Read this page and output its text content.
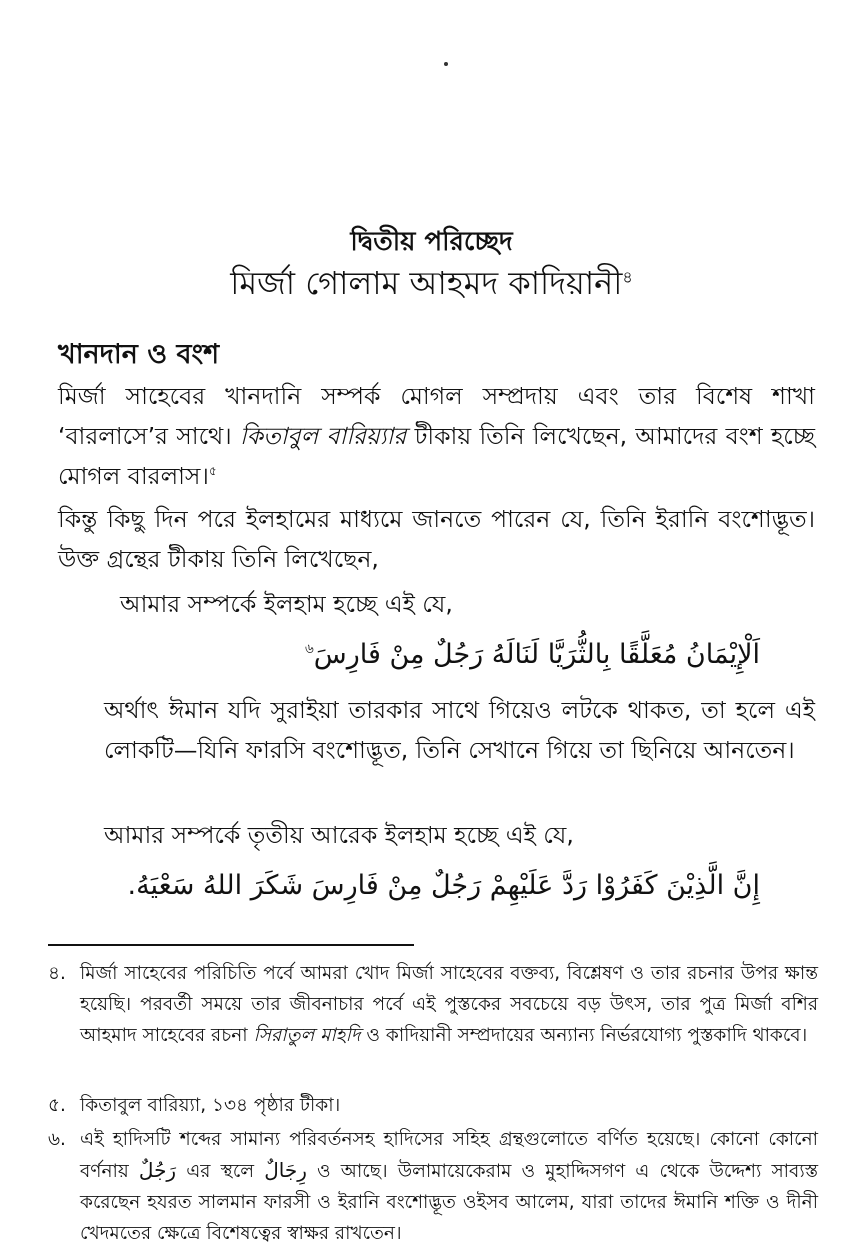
দ্বিতীয় পরিচ্ছেদ
মির্জা গোলাম আহমদ কাদিয়ানী$^৪$
খানদান ও বংশ
মির্জা সাহেবের খানদানি সম্পর্ক মোগল সম্প্রদায় এবং তার বিশেষ শাখা ‘বারলাসে’র সাথে। কিতাবুল বারিয়্যার টীকায় তিনি লিখেছেন, আমাদের বংশ হচ্ছে মোগল বারলাস।$^৫$
কিন্তু কিছু দিন পরে ইলহামের মাধ্যমে জানতে পারেন যে, তিনি ইরানি বংশোদ্ভূত। উক্ত গ্রন্থের টীকায় তিনি লিখেছেন,
আমার সম্পর্কে ইলহাম হচ্ছে এই যে,
اَلْإِيْمَانُ مُعَلَّقًا بِالثُّرَيَّا لَنَالَهُ رَجُلٌ مِنْ فَارِسَ$^৬$
অর্থাৎ ঈমান যদি সুরাইয়া তারকার সাথে গিয়েও লটকে থাকত, তা হলে এই লোকটি—যিনি ফারসি বংশোদ্ভূত, তিনি সেখানে গিয়ে তা ছিনিয়ে আনতেন।
আমার সম্পর্কে তৃতীয় আরেক ইলহাম হচ্ছে এই যে,
إِنَّ الَّذِيْنَ كَفَرُوْا رَدَّ عَلَيْهِمْ رَجُلٌ مِنْ فَارِسَ شَكَرَ اللهُ سَعْيَهُ.
৪. মির্জা সাহেবের পরিচিতি পর্বে আমরা খোদ মির্জা সাহেবের বক্তব্য, বিশ্লেষণ ও তার রচনার উপর ক্ষান্ত হয়েছি। পরবর্তী সময়ে তার জীবনাচার পর্বে এই পুস্তকের সবচেয়ে বড় উৎস, তার পুত্র মির্জা বশির আহমাদ সাহেবের রচনা সিরাতুল মাহদি ও কাদিয়ানী সম্প্রদায়ের অন্যান্য নির্ভরযোগ্য পুস্তকাদি থাকবে।
৫. কিতাবুল বারিয়্যা, ১৩৪ পৃষ্ঠার টীকা।
৬. এই হাদিসটি শব্দের সামান্য পরিবর্তনসহ হাদিসের সহিহ গ্রন্থগুলোতে বর্ণিত হয়েছে। কোনো কোনো বর্ণনায় رَجُلٌ এর স্থলে رِجَالٌ ও আছে। উলামায়েকেরাম ও মুহাদ্দিসগণ এ থেকে উদ্দেশ্য সাব্যস্ত করেছেন হযরত সালমান ফারসী ও ইরানি বংশোদ্ভূত ওইসব আলেম, যারা তাদের ঈমানি শক্তি ও দীনী খেদমতের ক্ষেত্রে বিশেষত্বের স্বাক্ষর রাখতেন।
